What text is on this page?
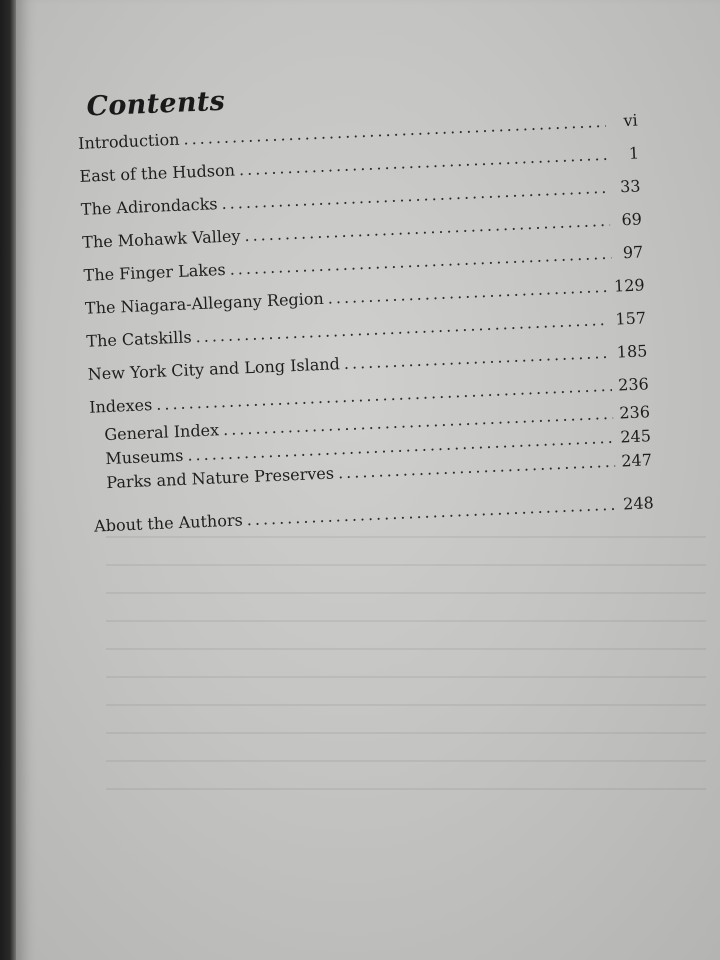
Contents
Introduction
.....
vi
East of the Hudson
.....
1
The Adirondacks
.....
33
The Mohawk Valley
.....
69
The Finger Lakes
.....
97
The Niagara-Allegany Region
.....
129
The Catskills
.....
157
New York City and Long Island
.....
185
Indexes
.....
236
General Index
.....
236
Museums
.....
245
Parks and Nature Preserves
.....
247
About the Authors
.....
248
